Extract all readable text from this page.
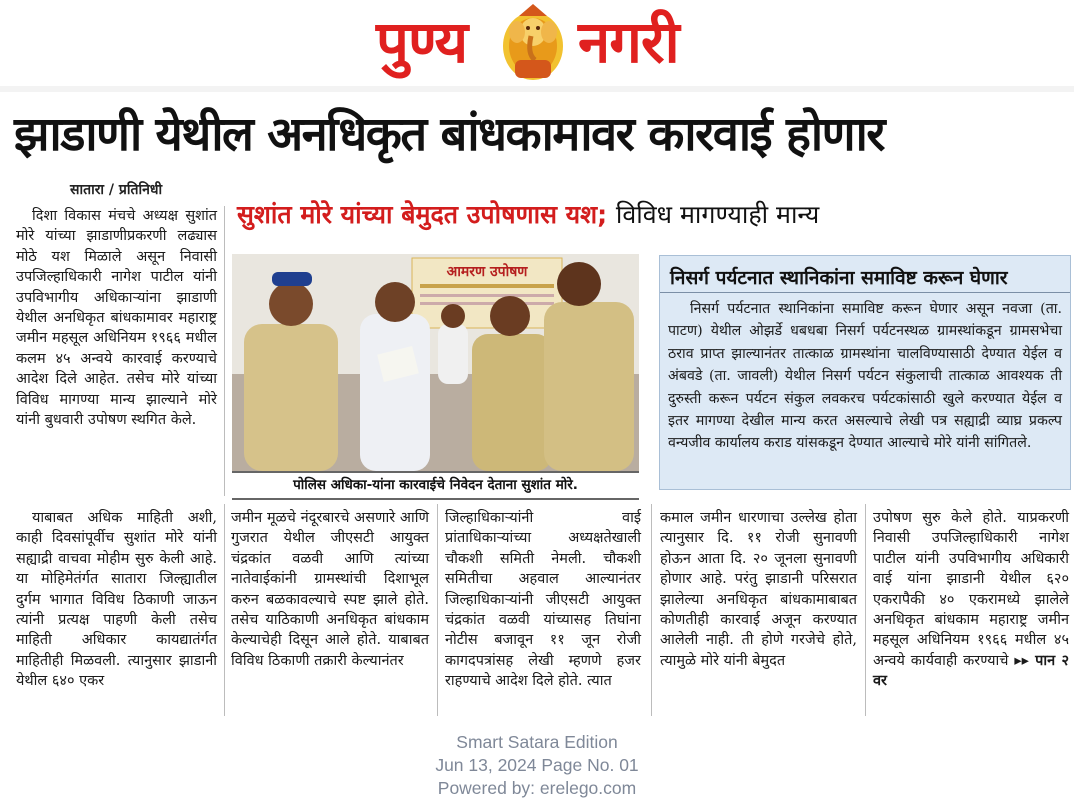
पुण्य नगरी
झाडाणी येथील अनधिकृत बांधकामावर कारवाई होणार
सातारा / प्रतिनिधी
सुशांत मोरे यांच्या बेमुदत उपोषणास यश; विविध मागण्याही मान्य

दिशा विकास मंचचे अध्यक्ष सुशांत मोरे यांच्या झाडाणीप्रकरणी लढ्यास मोठे यश मिळाले असून निवासी उपजिल्हाधिकारी नागेश पाटील यांनी उपविभागीय अधिकाऱ्यांना झाडाणी येथील अनधिकृत बांधकामावर महाराष्ट्र जमीन महसूल अधिनियम १९६६ मधील कलम ४५ अन्वये कारवाई करण्याचे आदेश दिले आहेत. तसेच मोरे यांच्या विविध मागण्या मान्य झाल्याने मोरे यांनी बुधवारी उपोषण स्थगित केले.

याबाबत अधिक माहिती अशी, काही दिवसांपूर्वीच सुशांत मोरे यांनी सह्याद्री वाचवा मोहीम सुरु केली आहे. या मोहिमेतंर्गत सातारा जिल्ह्यातील दुर्गम भागात विविध ठिकाणी जाऊन त्यांनी प्रत्यक्ष पाहणी केली तसेच माहिती अधिकार कायद्यातंर्गत माहितीही मिळवली. त्यानुसार झाडानी येथील ६४० एकर

जमीन मूळचे नंदूरबारचे असणारे आणि गुजरात येथील जीएसटी आयुक्त चंद्रकांत वळवी आणि त्यांच्या नातेवाईकांनी ग्रामस्थांची दिशाभूल करुन बळकावल्याचे स्पष्ट झाले होते. तसेच याठिकाणी अनधिकृत बांधकाम केल्याचेही दिसून आले होते. याबाबत विविध ठिकाणी तक्रारी केल्यानंतर

जिल्हाधिकाऱ्यांनी वाई प्रांताधिकाऱ्यांच्या अध्यक्षतेखाली चौकशी समिती नेमली. चौकशी समितीचा अहवाल आल्यानंतर जिल्हाधिकाऱ्यांनी जीएसटी आयुक्त चंद्रकांत वळवी यांच्यासह तिघांना नोटीस बजावून ११ जून रोजी कागदपत्रांसह लेखी म्हणणे हजर राहण्याचे आदेश दिले होते. त्यात

कमाल जमीन धारणाचा उल्लेख होता त्यानुसार दि. ११ रोजी सुनावणी होऊन आता दि. २० जूनला सुनावणी होणार आहे. परंतु झाडानी परिसरात झालेल्या अनधिकृत बांधकामाबाबत कोणतीही कारवाई अजून करण्यात आलेली नाही. ती होणे गरजेचे होते, त्यामुळे मोरे यांनी बेमुदत

उपोषण सुरु केले होते. याप्रकरणी निवासी उपजिल्हाधिकारी नागेश पाटील यांनी उपविभागीय अधिकारी वाई यांना झाडानी येथील ६२० एकरापैकी ४० एकरामध्ये झालेले अनधिकृत बांधकाम महाराष्ट्र जमीन महसूल अधिनियम १९६६ मधील ४५ अन्वये कार्यवाही करण्याचे ▸▸ पान २ वर

आमरण उपोषण
पोलिस अधिका-यांना कारवाईचे निवेदन देताना सुशांत मोरे.
निसर्ग पर्यटनात स्थानिकांना समाविष्ट करून घेणार

निसर्ग पर्यटनात स्थानिकांना समाविष्ट करून घेणार असून नवजा (ता. पाटण) येथील ओझर्डे धबधबा निसर्ग पर्यटनस्थळ ग्रामस्थांकडून ग्रामसभेचा ठराव प्राप्त झाल्यानंतर तात्काळ ग्रामस्थांना चालविण्यासाठी देण्यात येईल व अंबवडे (ता. जावली) येथील निसर्ग पर्यटन संकुलाची तात्काळ आवश्यक ती दुरुस्ती करून पर्यटन संकुल लवकरच पर्यटकांसाठी खुले करण्यात येईल व इतर मागण्या देखील मान्य करत असल्याचे लेखी पत्र सह्याद्री व्याघ्र प्रकल्प वन्यजीव कार्यालय कराड यांसकडून देण्यात आल्याचे मोरे यांनी सांगितले.

Smart Satara Edition
Jun 13, 2024 Page No. 01
Powered by: erelego.com
